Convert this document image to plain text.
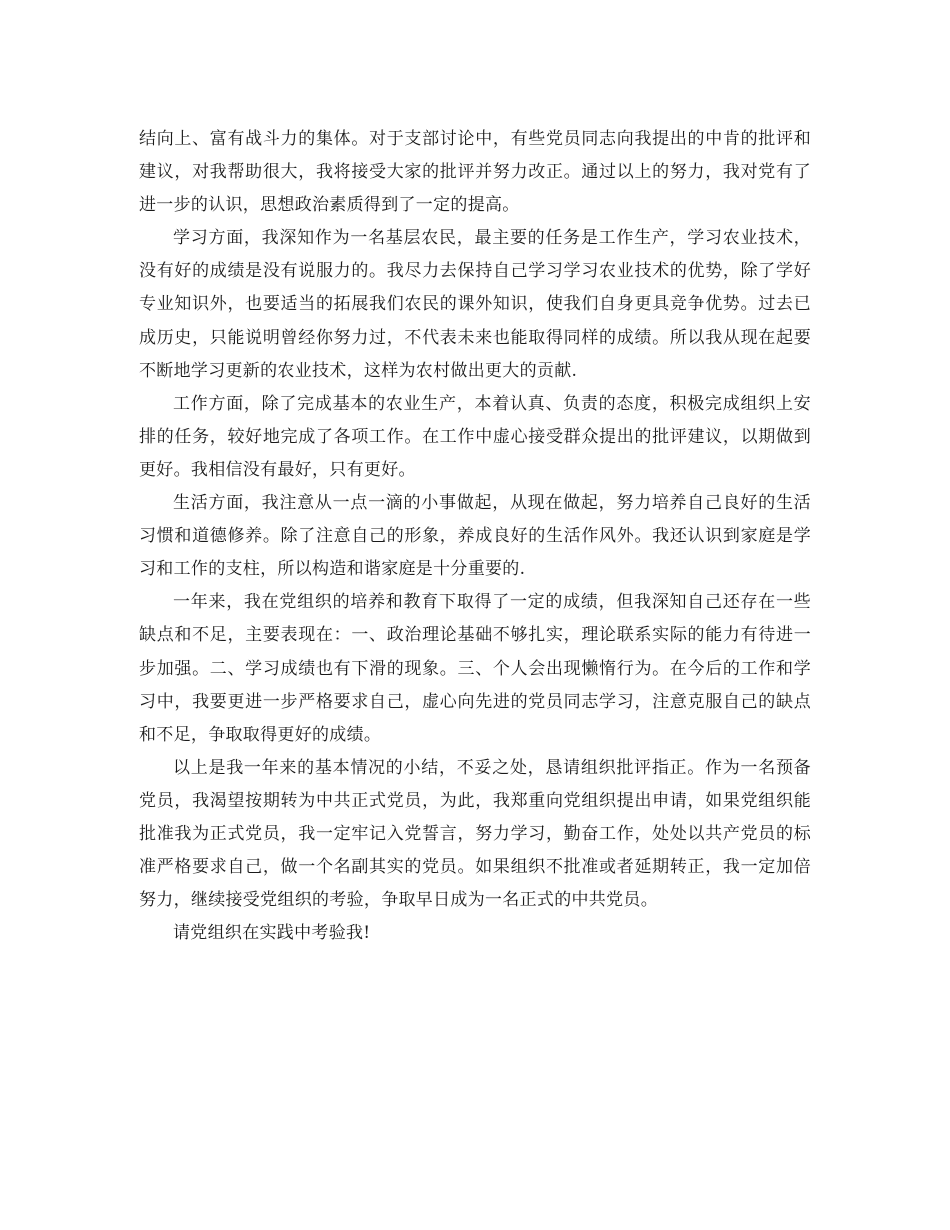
结向上、富有战斗力的集体。对于支部讨论中，有些党员同志向我提出的中肯的批评和建议，对我帮助很大，我将接受大家的批评并努力改正。通过以上的努力，我对党有了进一步的认识，思想政治素质得到了一定的提高。

学习方面，我深知作为一名基层农民，最主要的任务是工作生产，学习农业技术，没有好的成绩是没有说服力的。我尽力去保持自己学习学习农业技术的优势，除了学好专业知识外，也要适当的拓展我们农民的课外知识，使我们自身更具竞争优势。过去已成历史，只能说明曾经你努力过，不代表未来也能取得同样的成绩。所以我从现在起要不断地学习更新的农业技术，这样为农村做出更大的贡献.

工作方面，除了完成基本的农业生产，本着认真、负责的态度，积极完成组织上安排的任务，较好地完成了各项工作。在工作中虚心接受群众提出的批评建议，以期做到更好。我相信没有最好，只有更好。

生活方面，我注意从一点一滴的小事做起，从现在做起，努力培养自己良好的生活习惯和道德修养。除了注意自己的形象，养成良好的生活作风外。我还认识到家庭是学习和工作的支柱，所以构造和谐家庭是十分重要的.

一年来，我在党组织的培养和教育下取得了一定的成绩，但我深知自己还存在一些缺点和不足，主要表现在：一、政治理论基础不够扎实，理论联系实际的能力有待进一步加强。二、学习成绩也有下滑的现象。三、个人会出现懒惰行为。在今后的工作和学习中，我要更进一步严格要求自己，虚心向先进的党员同志学习，注意克服自己的缺点和不足，争取取得更好的成绩。

以上是我一年来的基本情况的小结，不妥之处，恳请组织批评指正。作为一名预备党员，我渴望按期转为中共正式党员，为此，我郑重向党组织提出申请，如果党组织能批准我为正式党员，我一定牢记入党誓言，努力学习，勤奋工作，处处以共产党员的标准严格要求自己，做一个名副其实的党员。如果组织不批准或者延期转正，我一定加倍努力，继续接受党组织的考验，争取早日成为一名正式的中共党员。

请党组织在实践中考验我!
